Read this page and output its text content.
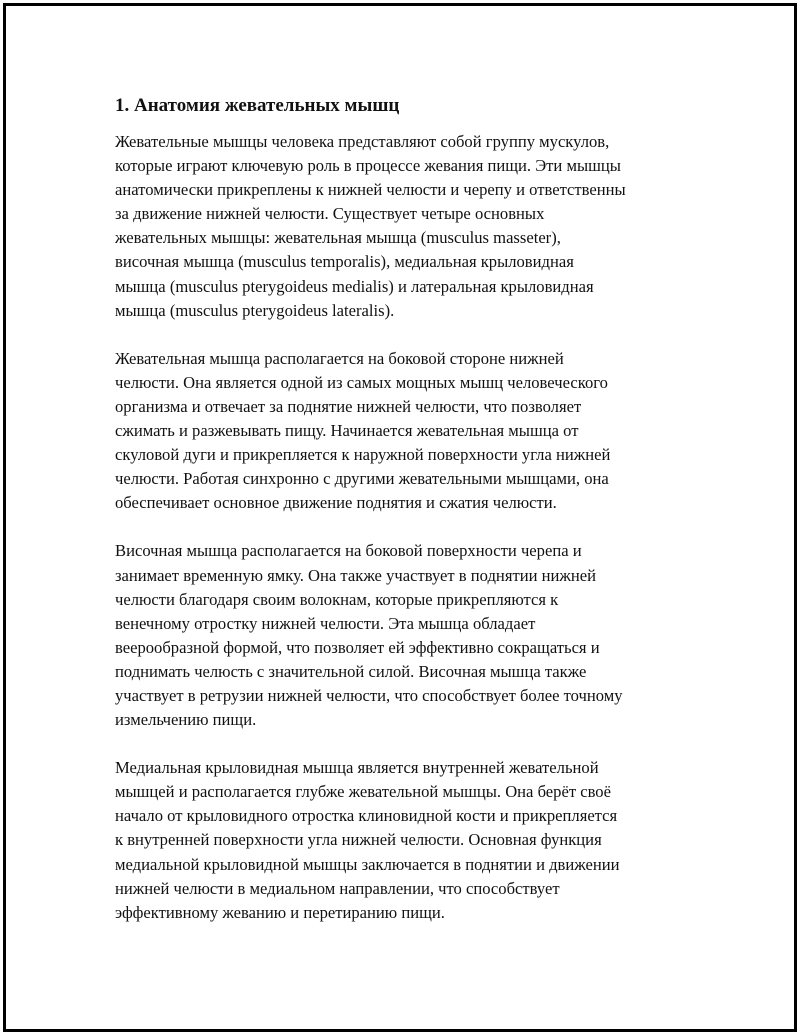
1. Анатомия жевательных мышц

Жевательные мышцы человека представляют собой группу мускулов,
которые играют ключевую роль в процессе жевания пищи. Эти мышцы
анатомически прикреплены к нижней челюсти и черепу и ответственны
за движение нижней челюсти. Существует четыре основных
жевательных мышцы: жевательная мышца (musculus masseter),
височная мышца (musculus temporalis), медиальная крыловидная
мышца (musculus pterygoideus medialis) и латеральная крыловидная
мышца (musculus pterygoideus lateralis).

Жевательная мышца располагается на боковой стороне нижней
челюсти. Она является одной из самых мощных мышц человеческого
организма и отвечает за поднятие нижней челюсти, что позволяет
сжимать и разжевывать пищу. Начинается жевательная мышца от
скуловой дуги и прикрепляется к наружной поверхности угла нижней
челюсти. Работая синхронно с другими жевательными мышцами, она
обеспечивает основное движение поднятия и сжатия челюсти.

Височная мышца располагается на боковой поверхности черепа и
занимает временную ямку. Она также участвует в поднятии нижней
челюсти благодаря своим волокнам, которые прикрепляются к
венечному отростку нижней челюсти. Эта мышца обладает
веерообразной формой, что позволяет ей эффективно сокращаться и
поднимать челюсть с значительной силой. Височная мышца также
участвует в ретрузии нижней челюсти, что способствует более точному
измельчению пищи.

Медиальная крыловидная мышца является внутренней жевательной
мышцей и располагается глубже жевательной мышцы. Она берёт своё
начало от крыловидного отростка клиновидной кости и прикрепляется
к внутренней поверхности угла нижней челюсти. Основная функция
медиальной крыловидной мышцы заключается в поднятии и движении
нижней челюсти в медиальном направлении, что способствует
эффективному жеванию и перетиранию пищи.
